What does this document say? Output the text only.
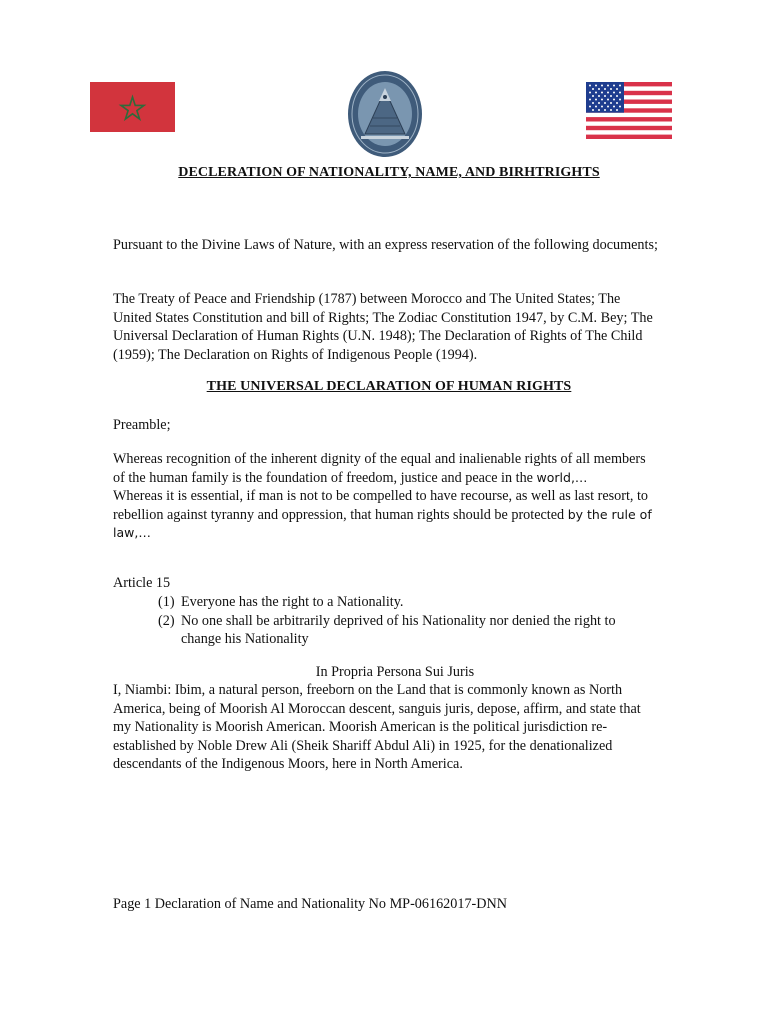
DECLERATION OF NATIONALITY, NAME, AND BIRHTRIGHTS
Pursuant to the Divine Laws of Nature, with an express reservation of the following documents;
The Treaty of Peace and Friendship (1787) between Morocco and The United States; The United States Constitution and bill of Rights; The Zodiac Constitution 1947, by C.M. Bey; The Universal Declaration of Human Rights (U.N. 1948); The Declaration of Rights of The Child (1959); The Declaration on Rights of Indigenous People (1994).
THE UNIVERSAL DECLARATION OF HUMAN RIGHTS
Preamble;
Whereas recognition of the inherent dignity of the equal and inalienable rights of all members of the human family is the foundation of freedom, justice and peace in the world,…
Whereas it is essential, if man is not to be compelled to have recourse, as well as last resort, to rebellion against tyranny and oppression, that human rights should be protected by the rule of law,…
Article 15
(1) Everyone has the right to a Nationality.
(2) No one shall be arbitrarily deprived of his Nationality nor denied the right to change his Nationality
In Propria Persona Sui Juris
I, Niambi: Ibim, a natural person, freeborn on the Land that is commonly known as North America, being of Moorish Al Moroccan descent, sanguis juris, depose, affirm, and state that my Nationality is Moorish American. Moorish American is the political jurisdiction re-established by Noble Drew Ali (Sheik Shariff Abdul Ali) in 1925, for the denationalized descendants of the Indigenous Moors, here in North America.
Page 1 Declaration of Name and Nationality No MP-06162017-DNN
